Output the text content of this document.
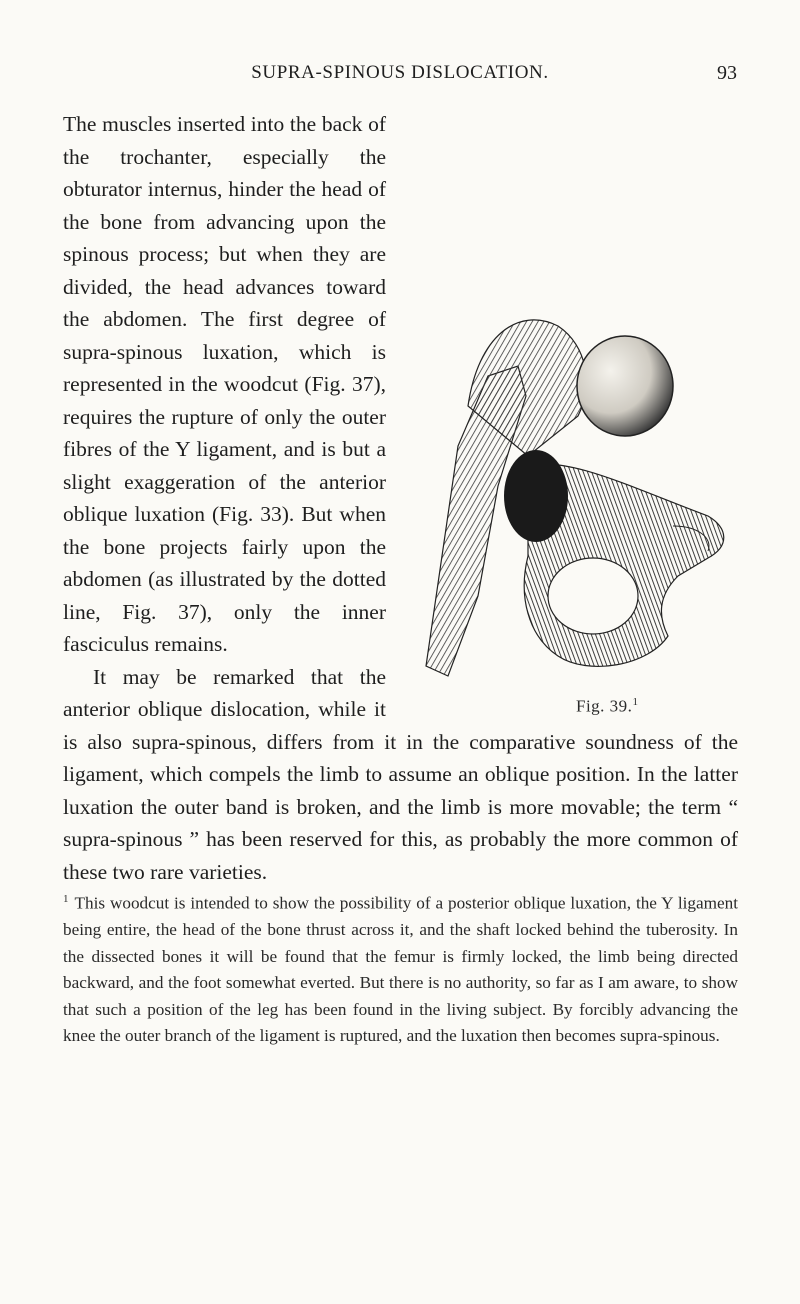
SUPRA-SPINOUS DISLOCATION.	93
Fig. 39.$^1$

The muscles inserted into the back of the trochanter, especially the obturator internus, hinder the head of the bone from advancing upon the spinous process; but when they are divided, the head advances toward the abdomen. The first degree of supra-spinous luxation, which is represented in the woodcut (Fig. 37), requires the rupture of only the outer fibres of the Y ligament, and is but a slight exaggeration of the anterior oblique luxation (Fig. 33). But when the bone projects fairly upon the abdomen (as illustrated by the dotted line, Fig. 37), only the inner fasciculus remains.

It may be remarked that the anterior oblique dislocation, while it is also supra-spinous, differs from it in the comparative soundness of the ligament, which compels the limb to assume an oblique position. In the latter luxation the outer band is broken, and the limb is more movable; the term “ supra-spinous ” has been reserved for this, as probably the more common of these two rare varieties.

$^1$ This woodcut is intended to show the possibility of a posterior oblique luxation, the Y ligament being entire, the head of the bone thrust across it, and the shaft locked behind the tuberosity. In the dissected bones it will be found that the femur is firmly locked, the limb being directed backward, and the foot somewhat everted. But there is no authority, so far as I am aware, to show that such a position of the leg has been found in the living subject. By forcibly advancing the knee the outer branch of the ligament is ruptured, and the luxation then becomes supra-spinous.
